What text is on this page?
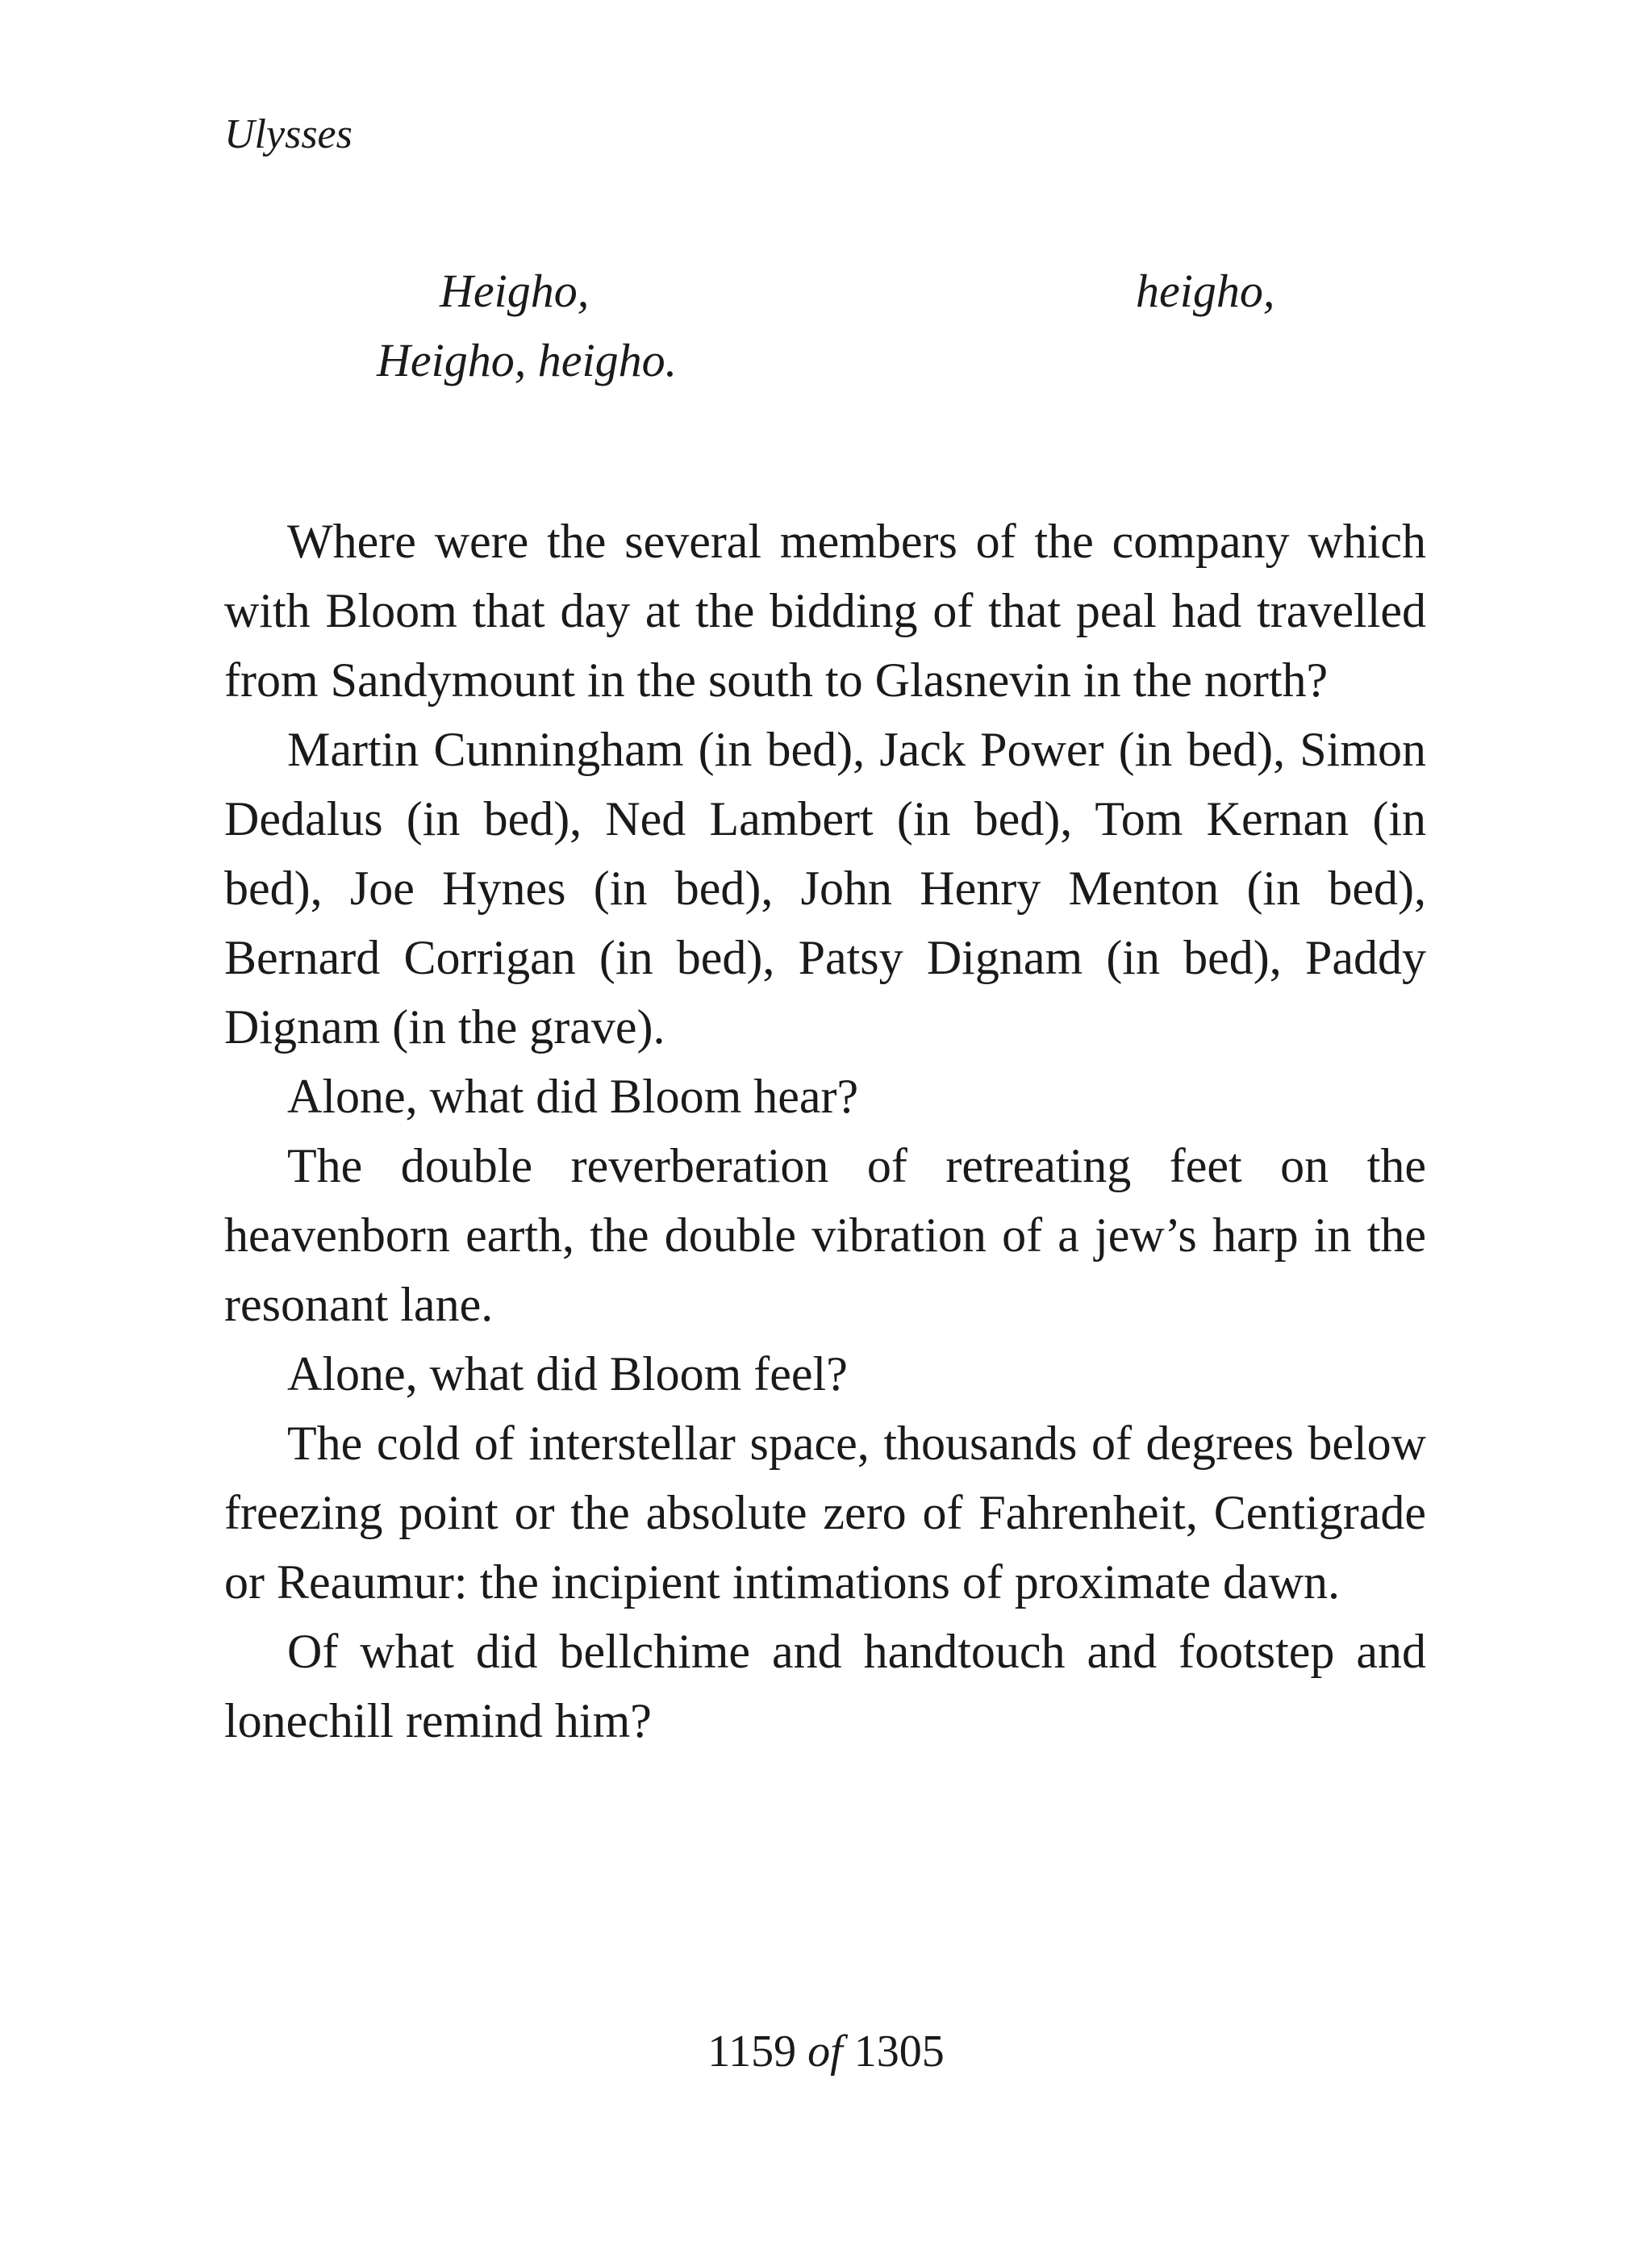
Ulysses
Heigho,	heigho,
Heigho, heigho.

Where were the several members of the company which with Bloom that day at the bidding of that peal had travelled from Sandymount in the south to Glasnevin in the north?

Martin Cunningham (in bed), Jack Power (in bed), Simon Dedalus (in bed), Ned Lambert (in bed), Tom Kernan (in bed), Joe Hynes (in bed), John Henry Menton (in bed), Bernard Corrigan (in bed), Patsy Dignam (in bed), Paddy Dignam (in the grave).

Alone, what did Bloom hear?

The double reverberation of retreating feet on the heavenborn earth, the double vibration of a jew’s harp in the resonant lane.

Alone, what did Bloom feel?

The cold of interstellar space, thousands of degrees below freezing point or the absolute zero of Fahrenheit, Centigrade or Reaumur: the incipient intimations of proximate dawn.

Of what did bellchime and handtouch and footstep and lonechill remind him?

1159 of 1305
